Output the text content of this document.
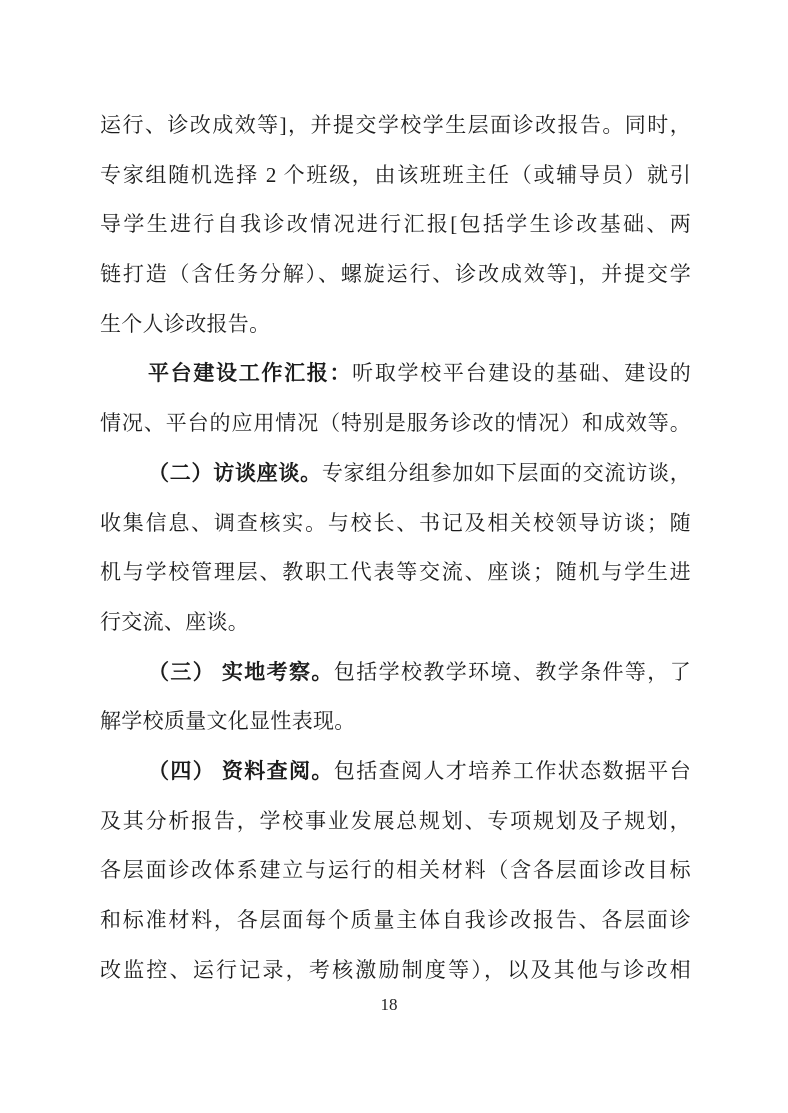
运行、诊改成效等]，并提交学校学生层面诊改报告。同时，
专家组随机选择 2 个班级，由该班班主任（或辅导员）就引
导学生进行自我诊改情况进行汇报[包括学生诊改基础、两
链打造（含任务分解）、螺旋运行、诊改成效等]，并提交学
生个人诊改报告。
平台建设工作汇报：听取学校平台建设的基础、建设的
情况、平台的应用情况（特别是服务诊改的情况）和成效等。
（二）访谈座谈。专家组分组参加如下层面的交流访谈，
收集信息、调查核实。与校长、书记及相关校领导访谈；随
机与学校管理层、教职工代表等交流、座谈；随机与学生进
行交流、座谈。
（三） 实地考察。包括学校教学环境、教学条件等，了
解学校质量文化显性表现。
（四） 资料查阅。包括查阅人才培养工作状态数据平台
及其分析报告，学校事业发展总规划、专项规划及子规划，
各层面诊改体系建立与运行的相关材料（含各层面诊改目标
和标准材料，各层面每个质量主体自我诊改报告、各层面诊
改监控、运行记录，考核激励制度等），以及其他与诊改相
18
